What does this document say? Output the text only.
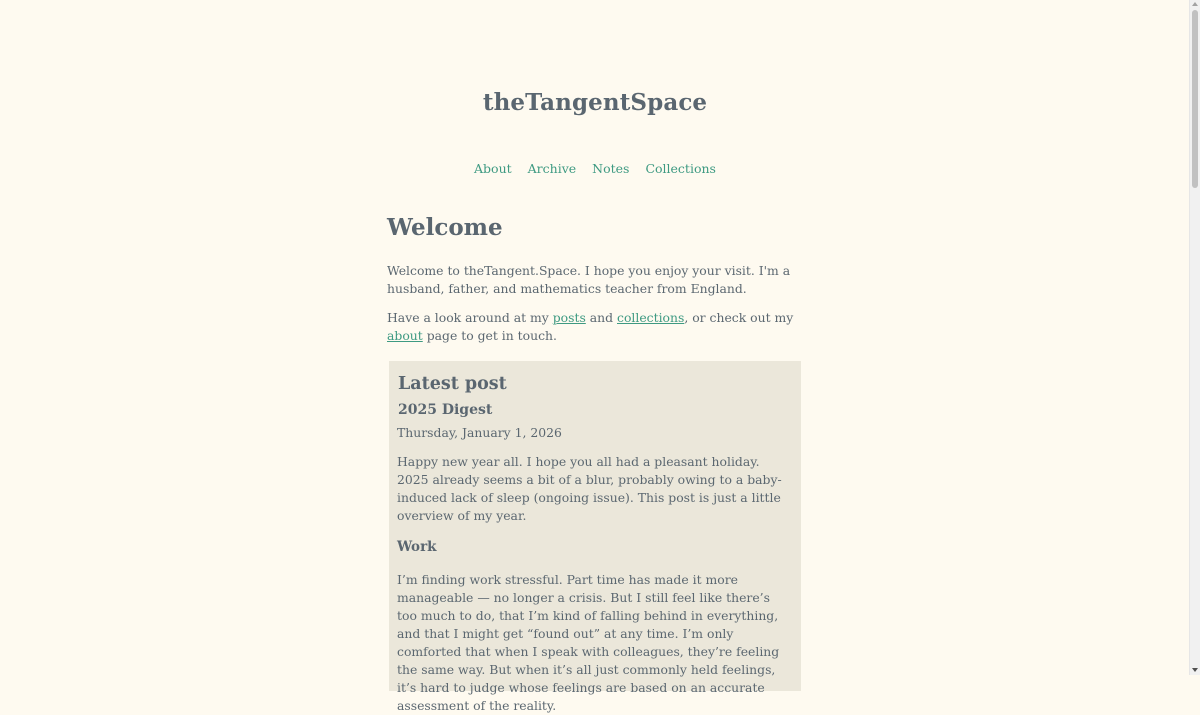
theTangentSpace
About Archive Notes Collections
Welcome

Welcome to theTangent.Space. I hope you enjoy your visit. I'm a husband, father, and mathematics teacher from England.

Have a look around at my posts and collections, or check out my about page to get in touch.

Latest post
2025 Digest
Thursday, January 1, 2026

Happy new year all. I hope you all had a pleasant holiday. 2025 already seems a bit of a blur, probably owing to a baby-induced lack of sleep (ongoing issue). This post is just a little overview of my year.

Work

I’m finding work stressful. Part time has made it more manageable — no longer a crisis. But I still feel like there’s too much to do, that I’m kind of falling behind in everything, and that I might get “found out” at any time. I’m only comforted that when I speak with colleagues, they’re feeling the same way. But when it’s all just commonly held feelings, it’s hard to judge whose feelings are based on an accurate assessment of the reality.
